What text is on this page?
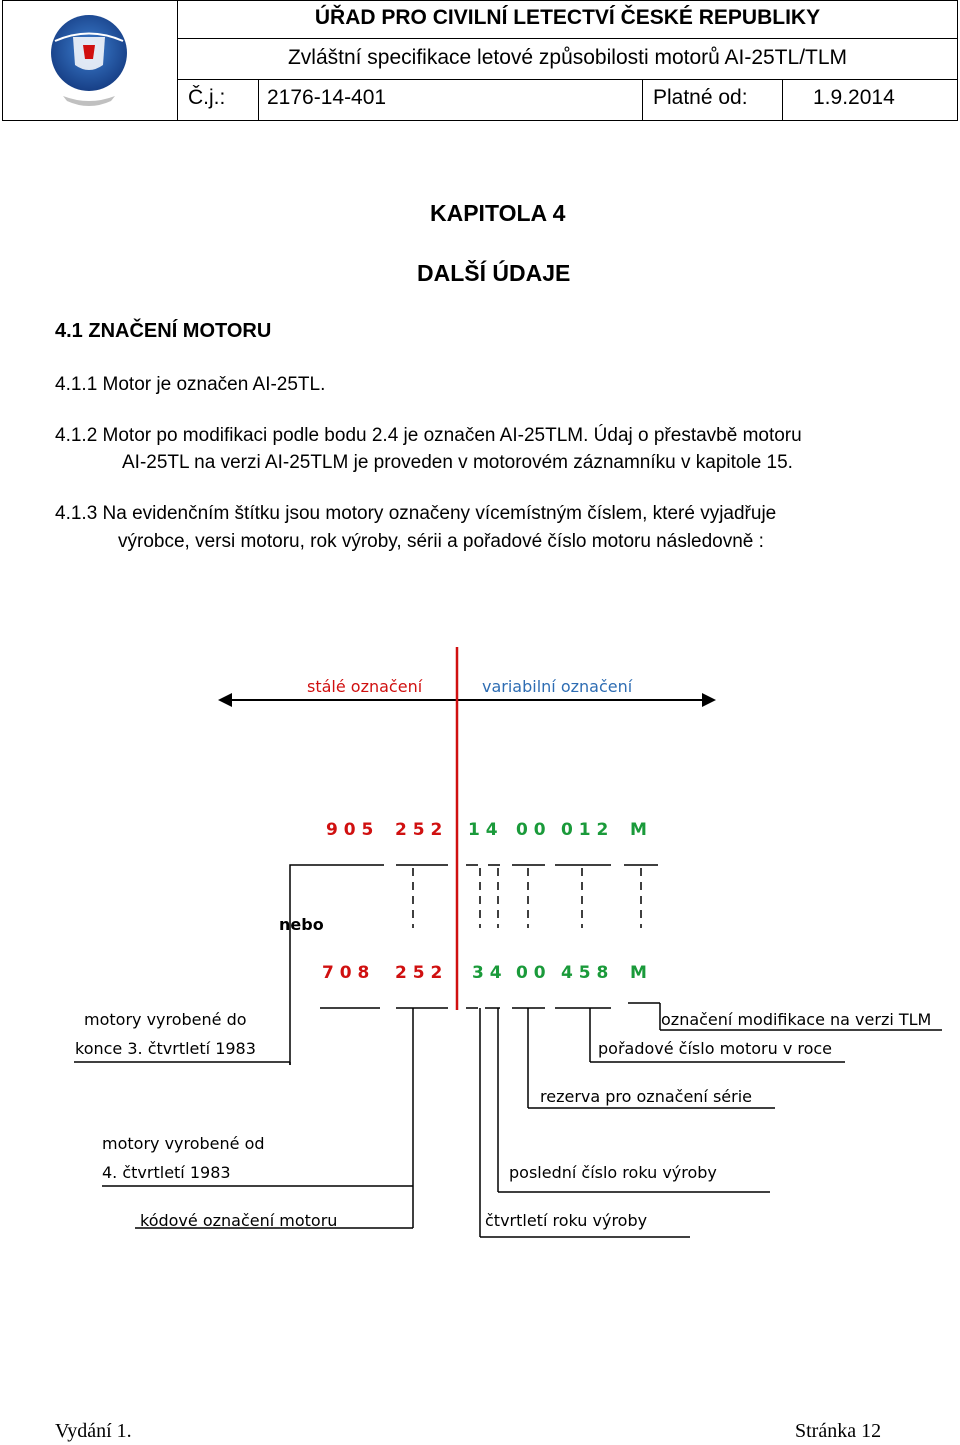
ÚŘAD PRO CIVILNÍ LETECTVÍ ČESKÉ REPUBLIKY
Zvláštní specifikace letové způsobilosti motorů AI-25TL/TLM
Č.j.:	2176-14-401	Platné od:	1.9.2014
KAPITOLA 4
DALŠÍ ÚDAJE
4.1 ZNAČENÍ MOTORU
4.1.1 Motor je označen AI-25TL.
4.1.2 Motor po modifikaci podle bodu 2.4 je označen AI-25TLM. Údaj o přestavbě motoru
AI-25TL na verzi AI-25TLM je proveden v motorovém záznamníku v kapitole 15.
4.1.3 Na evidenčním štítku jsou motory označeny vícemístným číslem, které vyjadřuje
výrobce, versi motoru, rok výroby, sérii a pořadové číslo motoru následovně :
stálé označení	variabilní označení
9 0 5 2 5 2 1 4 0 0 0 1 2 M
nebo
7 0 8 2 5 2 3 4 0 0 4 5 8 M
motory vyrobené do
konce 3. čtvrtletí 1983
označení modifikace na verzi TLM
pořadové číslo motoru v roce
rezerva pro označení série
motory vyrobené od
4. čtvrtletí 1983	poslední číslo roku výroby
kódové označení motoru	čtvrtletí roku výroby
Vydání 1.	Stránka 12
